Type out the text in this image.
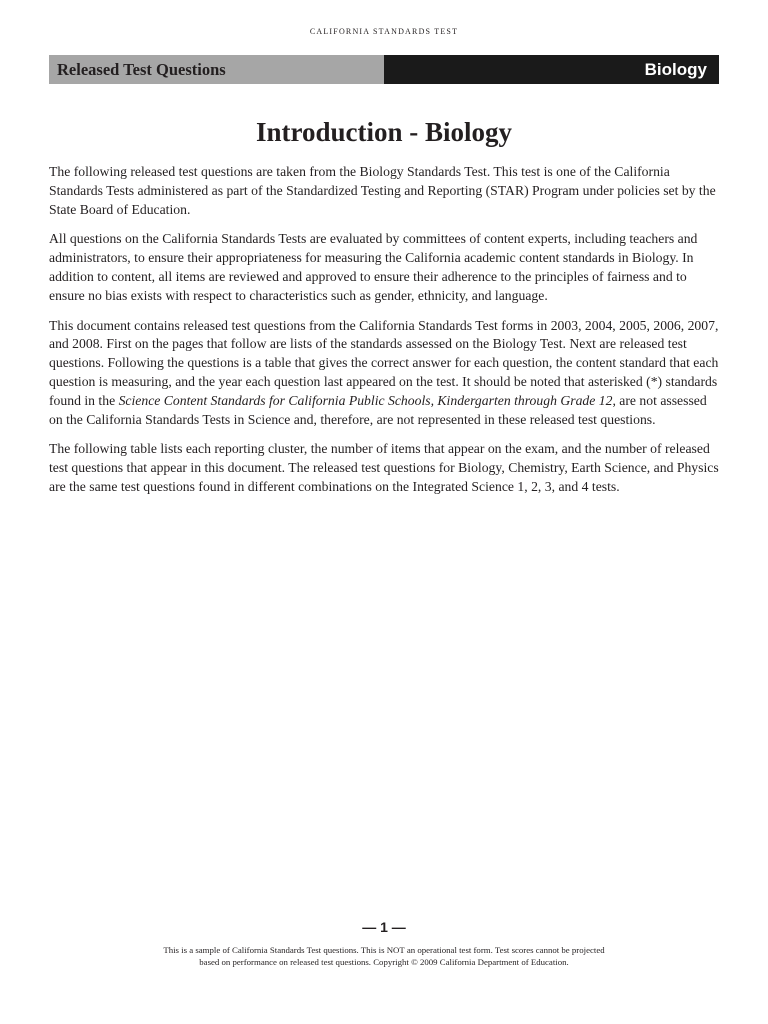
CALIFORNIA STANDARDS TEST
Released Test Questions	Biology
Introduction - Biology

The following released test questions are taken from the Biology Standards Test. This test is one of the California Standards Tests administered as part of the Standardized Testing and Reporting (STAR) Program under policies set by the State Board of Education.

All questions on the California Standards Tests are evaluated by committees of content experts, including teachers and administrators, to ensure their appropriateness for measuring the California academic content standards in Biology. In addition to content, all items are reviewed and approved to ensure their adherence to the principles of fairness and to ensure no bias exists with respect to characteristics such as gender, ethnicity, and language.

This document contains released test questions from the California Standards Test forms in 2003, 2004, 2005, 2006, 2007, and 2008. First on the pages that follow are lists of the standards assessed on the Biology Test. Next are released test questions. Following the questions is a table that gives the correct answer for each question, the content standard that each question is measuring, and the year each question last appeared on the test. It should be noted that asterisked (*) standards found in the Science Content Standards for California Public Schools, Kindergarten through Grade 12, are not assessed on the California Standards Tests in Science and, therefore, are not represented in these released test questions.

The following table lists each reporting cluster, the number of items that appear on the exam, and the number of released test questions that appear in this document. The released test questions for Biology, Chemistry, Earth Science, and Physics are the same test questions found in different combinations on the Integrated Science 1, 2, 3, and 4 tests.

— 1 —
This is a sample of California Standards Test questions. This is NOT an operational test form. Test scores cannot be projected
based on performance on released test questions. Copyright © 2009 California Department of Education.
